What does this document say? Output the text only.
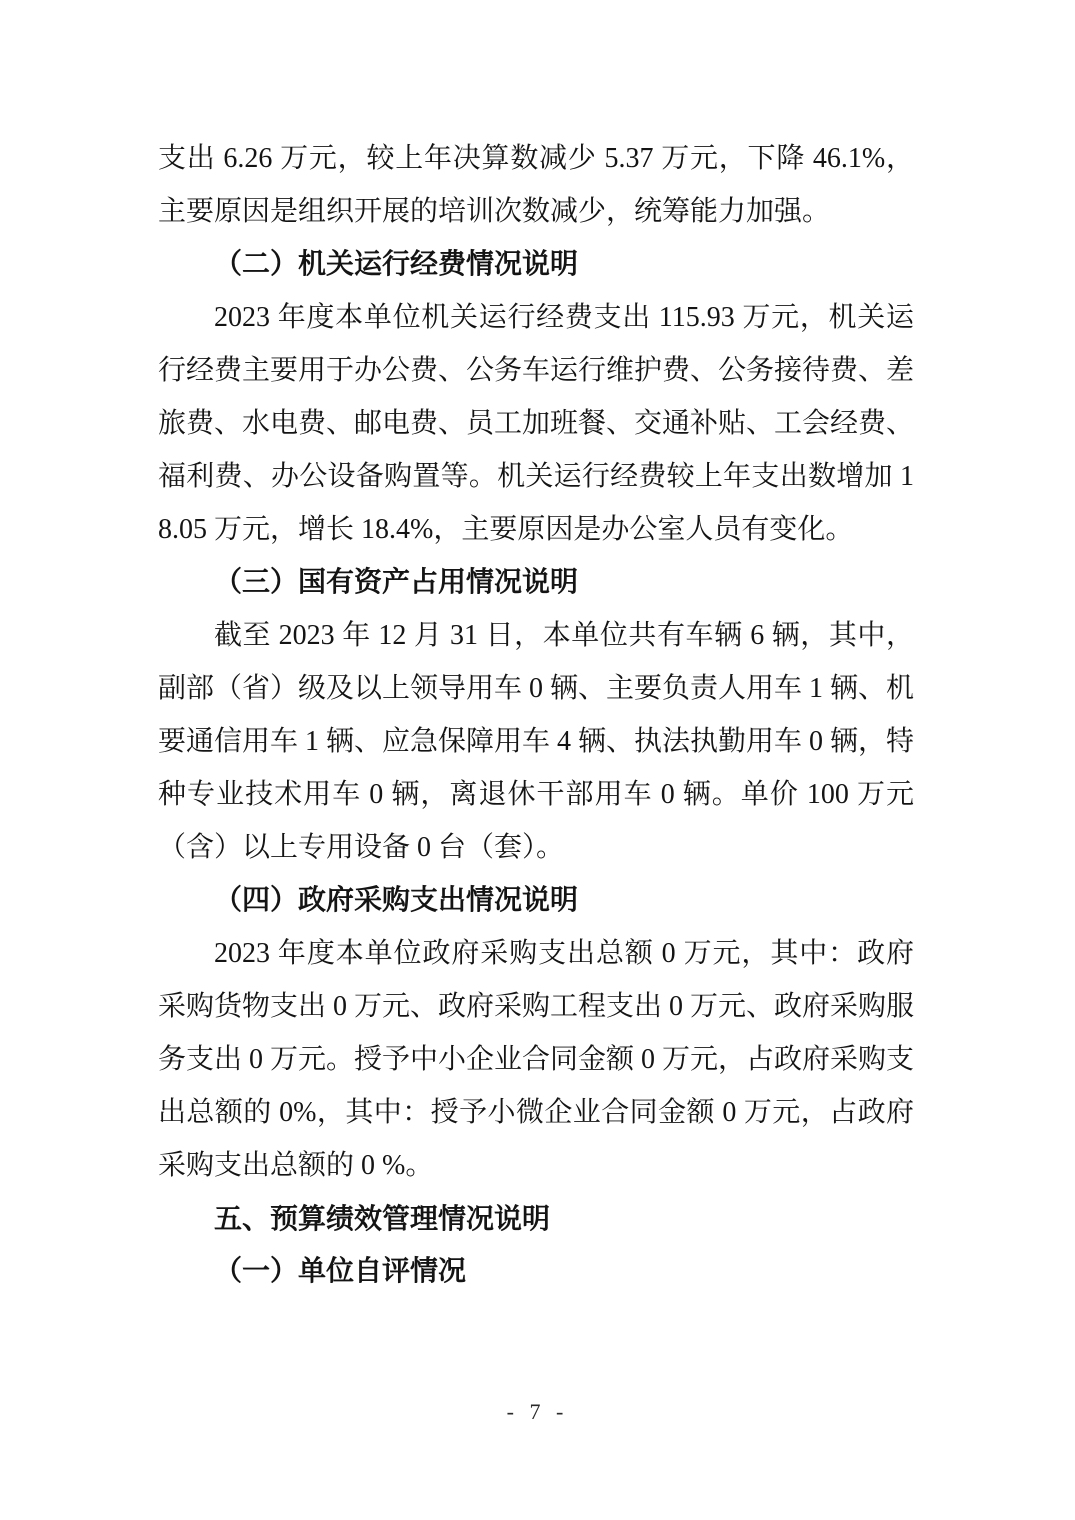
支出 6.26 万元，较上年决算数减少 5.37 万元，下降 46.1%，主要原因是组织开展的培训次数减少，统筹能力加强。

（二）机关运行经费情况说明

2023 年度本单位机关运行经费支出 115.93 万元，机关运行经费主要用于办公费、公务车运行维护费、公务接待费、差旅费、水电费、邮电费、员工加班餐、交通补贴、工会经费、福利费、办公设备购置等。机关运行经费较上年支出数增加 18.05 万元，增长 18.4%，主要原因是办公室人员有变化。

（三）国有资产占用情况说明

截至 2023 年 12 月 31 日，本单位共有车辆 6 辆，其中，副部（省）级及以上领导用车 0 辆、主要负责人用车 1 辆、机要通信用车 1 辆、应急保障用车 4 辆、执法执勤用车 0 辆，特种专业技术用车 0 辆，离退休干部用车 0 辆。单价 100 万元（含）以上专用设备 0 台（套）。

（四）政府采购支出情况说明

2023 年度本单位政府采购支出总额 0 万元，其中：政府采购货物支出 0 万元、政府采购工程支出 0 万元、政府采购服务支出 0 万元。授予中小企业合同金额 0 万元，占政府采购支出总额的 0%，其中：授予小微企业合同金额 0 万元，占政府采购支出总额的 0 %。

五、预算绩效管理情况说明
（一）单位自评情况
- 7 -
